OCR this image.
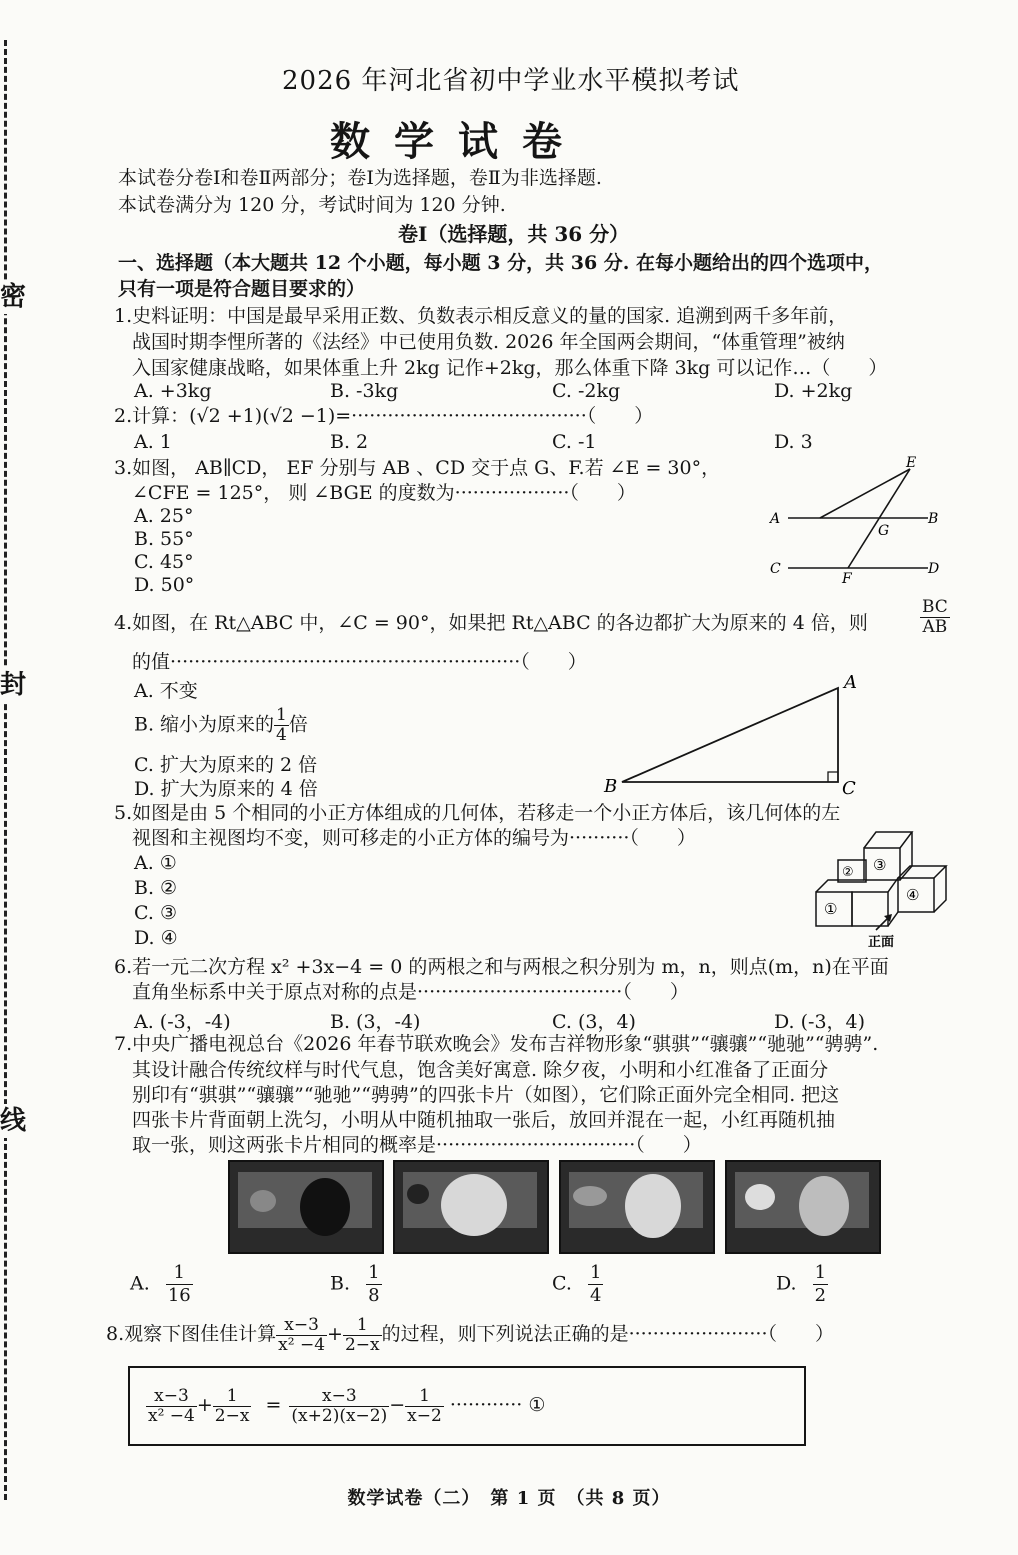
密
封
线
2026 年河北省初中学业水平模拟考试
数学试卷
本试卷分卷Ⅰ和卷Ⅱ两部分；卷Ⅰ为选择题，卷Ⅱ为非选择题.
本试卷满分为 120 分，考试时间为 120 分钟.
卷Ⅰ（选择题，共 36 分）
一、选择题（本大题共 12 个小题，每小题 3 分，共 36 分. 在每小题给出的四个选项中，
只有一项是符合题目要求的）
1.史料证明：中国是最早采用正数、负数表示相反意义的量的国家. 追溯到两千多年前，
战国时期李悝所著的《法经》中已使用负数. 2026 年全国两会期间，“体重管理”被纳
入国家健康战略，如果体重上升 2kg 记作+2kg，那么体重下降 3kg 可以记作…（　　）
A. +3kg	B. -3kg	C. -2kg	D. +2kg
2.计算：(√2 +1)(√2 −1)=·······································（　　）
A. 1	B. 2	C. -1	D. 3
3.如图， AB∥CD， EF 分别与 AB 、CD 交于点 G、F.若 ∠E = 30°，
∠CFE = 125°， 则 ∠BGE 的度数为···················（　　）
A. 25°
B. 55°
C. 45°
D. 50°
E
A	B
G
C
F
D
4.如图，在 Rt△ABC 中，∠C = 90°，如果把 Rt△ABC 的各边都扩大为原来的 4 倍，则	$\frac{BC}{AB}$
的值··························································（　　）
A. 不变
B. 缩小为原来的 $\frac{1}{4}$ 倍
C. 扩大为原来的 2 倍
D. 扩大为原来的 4 倍
A
B	C
5.如图是由 5 个相同的小正方体组成的几何体，若移走一个小正方体后，该几何体的左
视图和主视图均不变，则可移走的小正方体的编号为··········（　　）
A. ①
B. ②
C. ③
D. ④
①
② ③
④
正面
6.若一元二次方程 x² +3x−4 = 0 的两根之和与两根之积分别为 m，n，则点(m，n)在平面
直角坐标系中关于原点对称的点是··································（　　）
A. (-3，-4)	B. (3，-4)	C. (3，4)	D. (-3，4)
7.中央广播电视总台《2026 年春节联欢晚会》发布吉祥物形象“骐骐”“骧骧”“驰驰”“骋骋”.
其设计融合传统纹样与时代气息，饱含美好寓意. 除夕夜，小明和小红准备了正面分
别印有“骐骐”“骧骧”“驰驰”“骋骋”的四张卡片（如图），它们除正面外完全相同. 把这
四张卡片背面朝上洗匀，小明从中随机抽取一张后，放回并混在一起，小红再随机抽
取一张，则这两张卡片相同的概率是·································（　　）
A. $\frac{1}{16}$	B. $\frac{1}{8}$	C. $\frac{1}{4}$	D. $\frac{1}{2}$
8.观察下图佳佳计算 $\frac{x-3}{\text{x² −4}} + \frac{1}{2-x}$ 的过程，则下列说法正确的是·······················（　　）
$\frac{x-3}{\text{x² −4}} + \frac{1}{2-x} = \frac{x-3}{(x+2)(x-2)} - \frac{1}{x-2}$ ············ ①
数学试卷（二）　第 1 页　（共 8 页）
